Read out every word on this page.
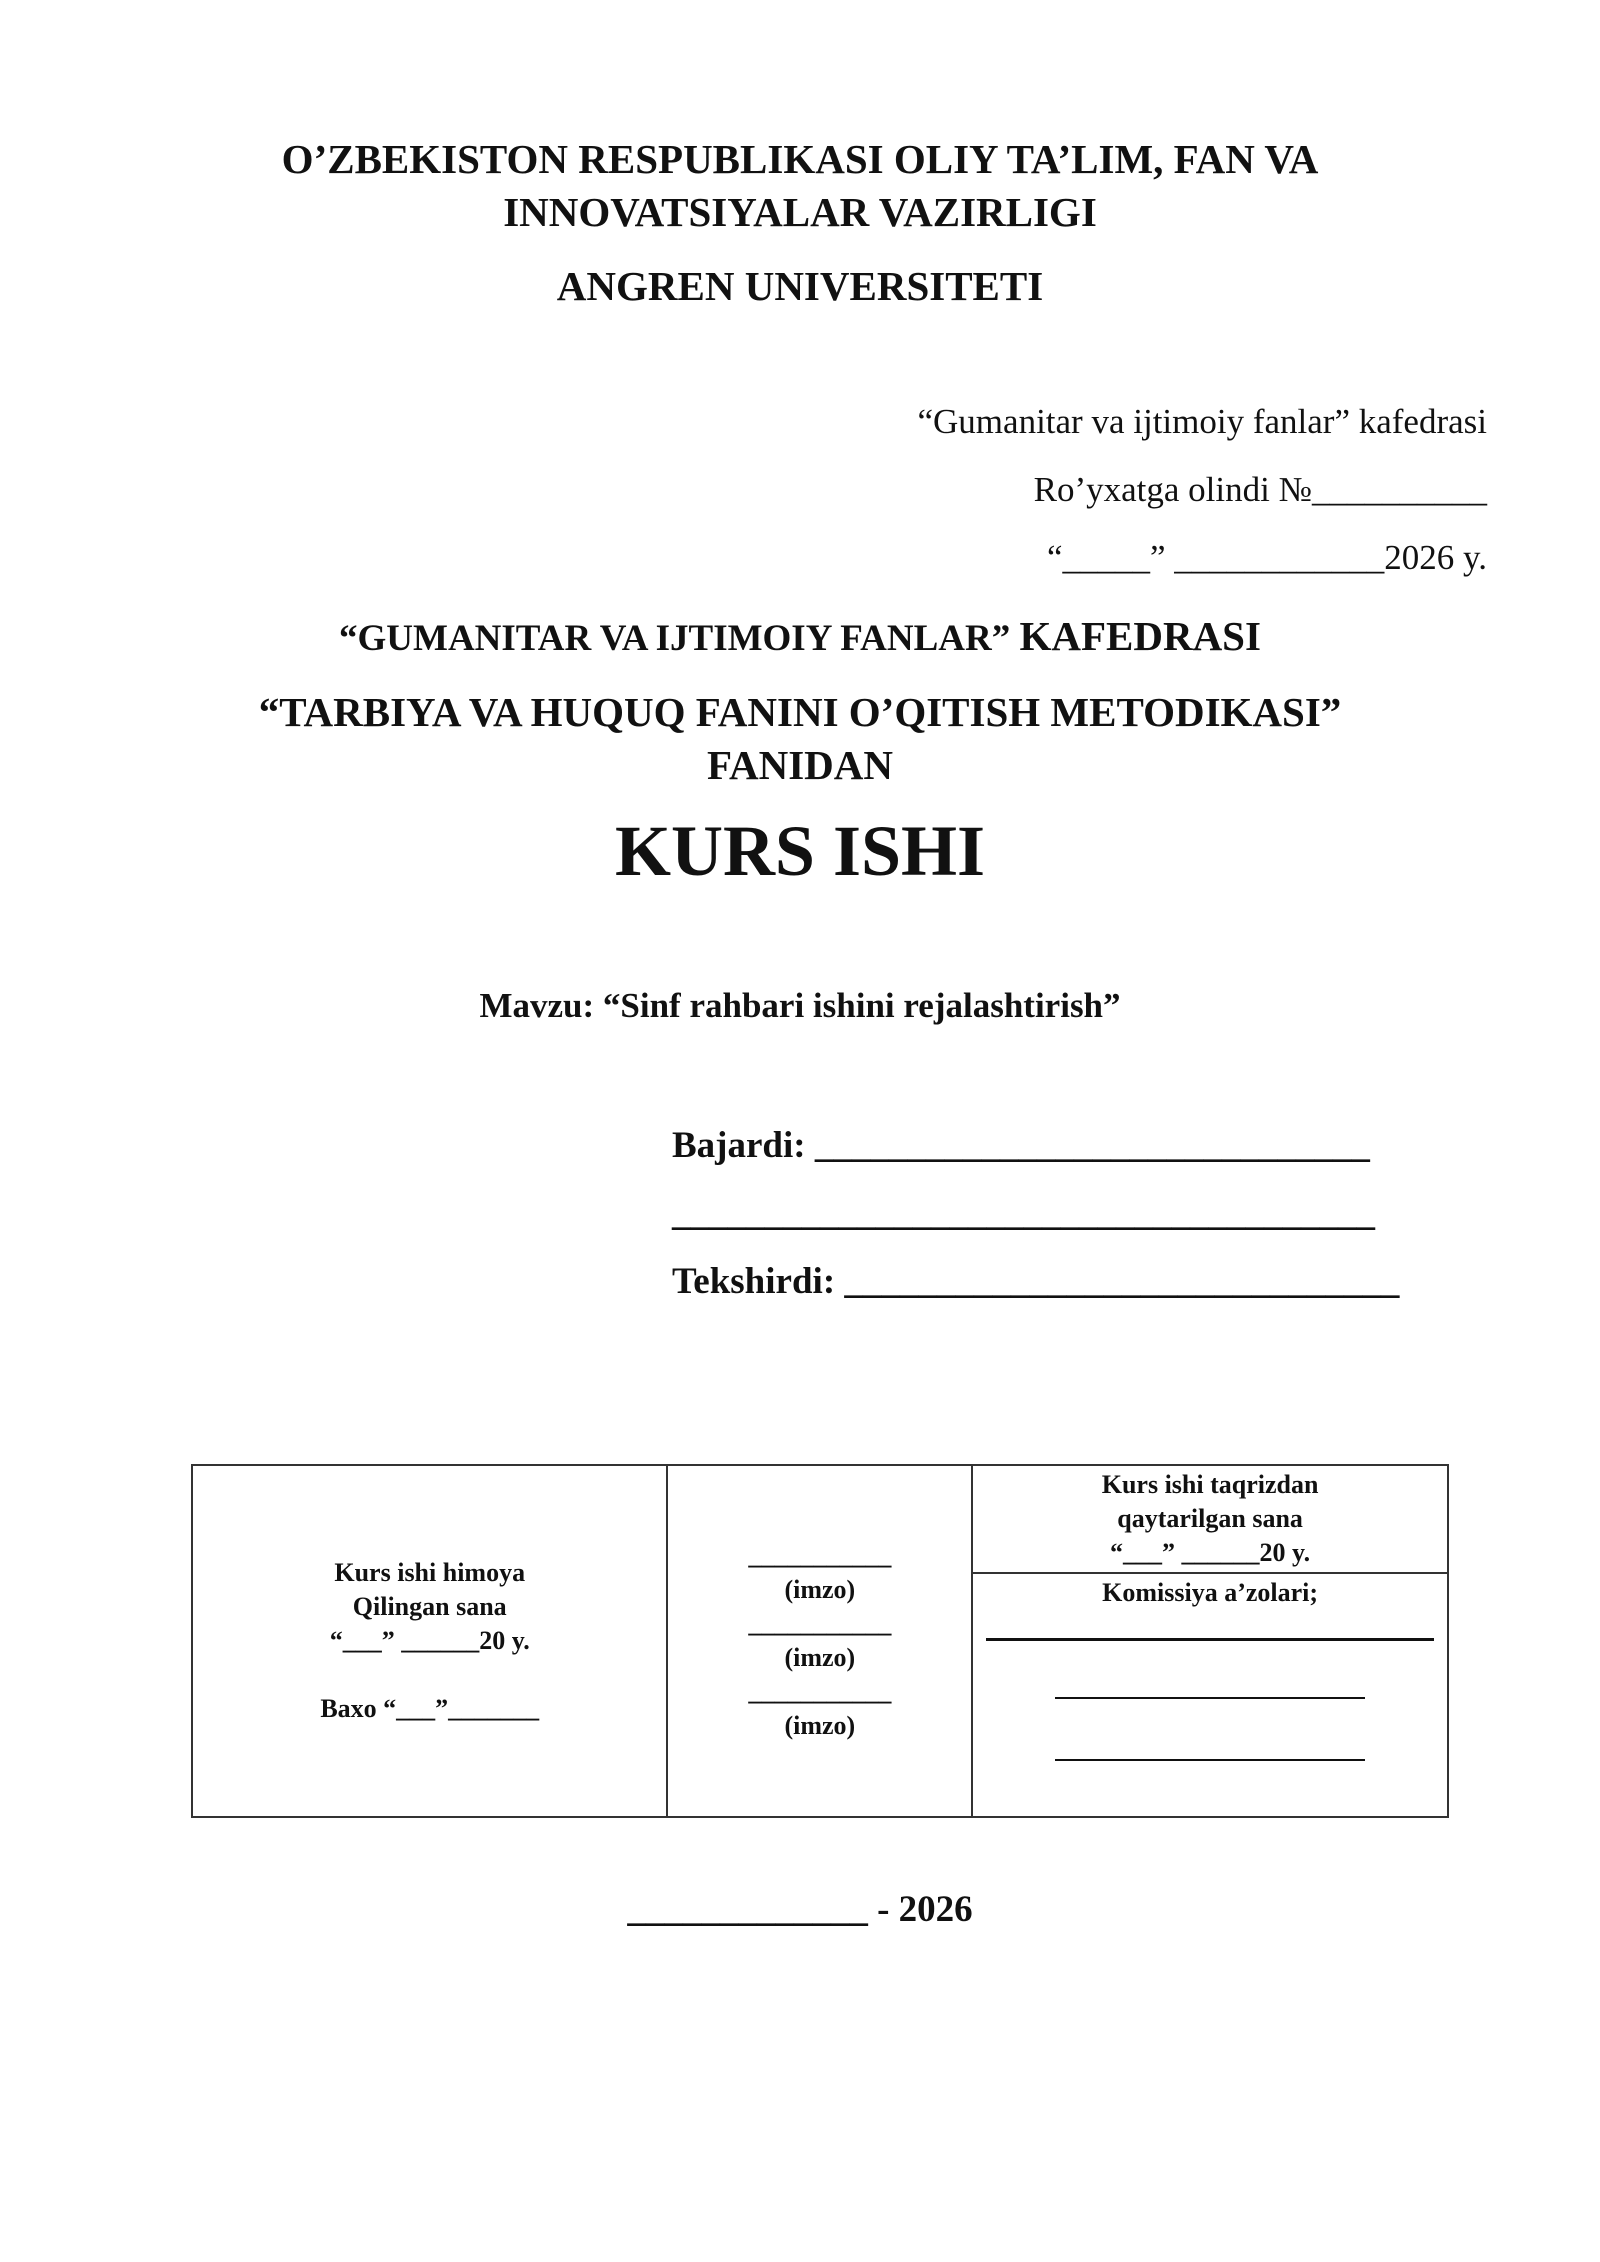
O’ZBEKISTON RESPUBLIKASI OLIY TA’LIM, FAN VA
INNOVATSIYALAR VAZIRLIGI
ANGREN UNIVERSITETI
“Gumanitar va ijtimoiy fanlar” kafedrasi
Ro’yxatga olindi №__________
“_____” ____________2026 y.
“GUMANITAR VA IJTIMOIY FANLAR” KAFEDRASI
“TARBIYA VA HUQUQ FANINI O’QITISH METODIKASI”
FANIDAN
KURS ISHI
Mavzu: “Sinf rahbari ishini rejalashtirish”
Bajardi: ______________________________
______________________________________
Tekshirdi: ______________________________
Kurs ishi himoya
Qilingan sana
“___” ______20 y.
Baxo “___”_______

___________
(imzo)
___________
(imzo)
___________
(imzo)

Kurs ishi taqrizdan
qaytarilgan sana
“___” ______20 y.

Komissiya a’zolari;
_____________ - 2026
